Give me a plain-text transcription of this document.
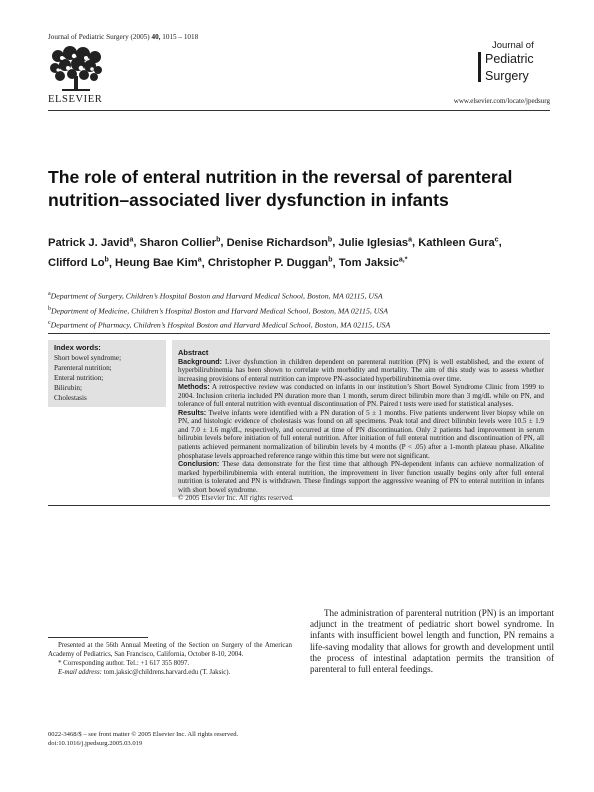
Journal of Pediatric Surgery (2005) 40, 1015 – 1018
ELSEVIER
Journal of
Pediatric
Surgery
www.elsevier.com/locate/jpedsurg
The role of enteral nutrition in the reversal of parenteral nutrition–associated liver dysfunction in infants
Patrick J. Javid$^a$, Sharon Collier$^b$, Denise Richardson$^b$, Julie Iglesias$^a$, Kathleen Gura$^c$,
Clifford Lo$^b$, Heung Bae Kim$^a$, Christopher P. Duggan$^b$, Tom Jaksic$^{a,*}$
$^a$Department of Surgery, Children’s Hospital Boston and Harvard Medical School, Boston, MA 02115, USA
$^b$Department of Medicine, Children’s Hospital Boston and Harvard Medical School, Boston, MA 02115, USA
$^c$Department of Pharmacy, Children’s Hospital Boston and Harvard Medical School, Boston, MA 02115, USA
Index words:
Short bowel syndrome;
Parenteral nutrition;
Enteral nutrition;
Bilirubin;
Cholestasis
Abstract

Background: Liver dysfunction in children dependent on parenteral nutrition (PN) is well established, and the extent of hyperbilirubinemia has been shown to correlate with morbidity and mortality. The aim of this study was to assess whether increasing provisions of enteral nutrition can improve PN-associated hyperbilirubinemia over time.

Methods: A retrospective review was conducted on infants in our institution’s Short Bowel Syndrome Clinic from 1999 to 2004. Inclusion criteria included PN duration more than 1 month, serum direct bilirubin more than 3 mg/dL while on PN, and tolerance of full enteral nutrition with eventual discontinuation of PN. Paired t tests were used for statistical analyses.

Results: Twelve infants were identified with a PN duration of 5 ± 1 months. Five patients underwent liver biopsy while on PN, and histologic evidence of cholestasis was found on all specimens. Peak total and direct bilirubin levels were 10.5 ± 1.9 and 7.0 ± 1.6 mg/dL, respectively, and occurred at time of PN discontinuation. Only 2 patients had improvement in serum bilirubin levels before initiation of full enteral nutrition. After initiation of full enteral nutrition and discontinuation of PN, all patients achieved permanent normalization of bilirubin levels by 4 months (P < .05) after a 1-month plateau phase. Alkaline phosphatase levels approached reference range within this time but were not significant.

Conclusion: These data demonstrate for the first time that although PN-dependent infants can achieve normalization of marked hyperbilirubinemia with enteral nutrition, the improvement in liver function usually begins only after full enteral nutrition is tolerated and PN is withdrawn. These findings support the aggressive weaning of PN to enteral nutrition in infants with short bowel syndrome.

© 2005 Elsevier Inc. All rights reserved.

The administration of parenteral nutrition (PN) is an important adjunct in the treatment of pediatric short bowel syndrome. In infants with insufficient bowel length and function, PN remains a life-saving modality that allows for growth and development until the process of intestinal adaptation permits the transition of parenteral to full enteral feedings.

Presented at the 56th Annual Meeting of the Section on Surgery of the American Academy of Pediatrics, San Francisco, California, October 8-10, 2004.

* Corresponding author. Tel.: +1 617 355 8097.

E-mail address: tom.jaksic@childrens.harvard.edu (T. Jaksic).

0022-3468/$ – see front matter © 2005 Elsevier Inc. All rights reserved.

doi:10.1016/j.jpedsurg.2005.03.019
